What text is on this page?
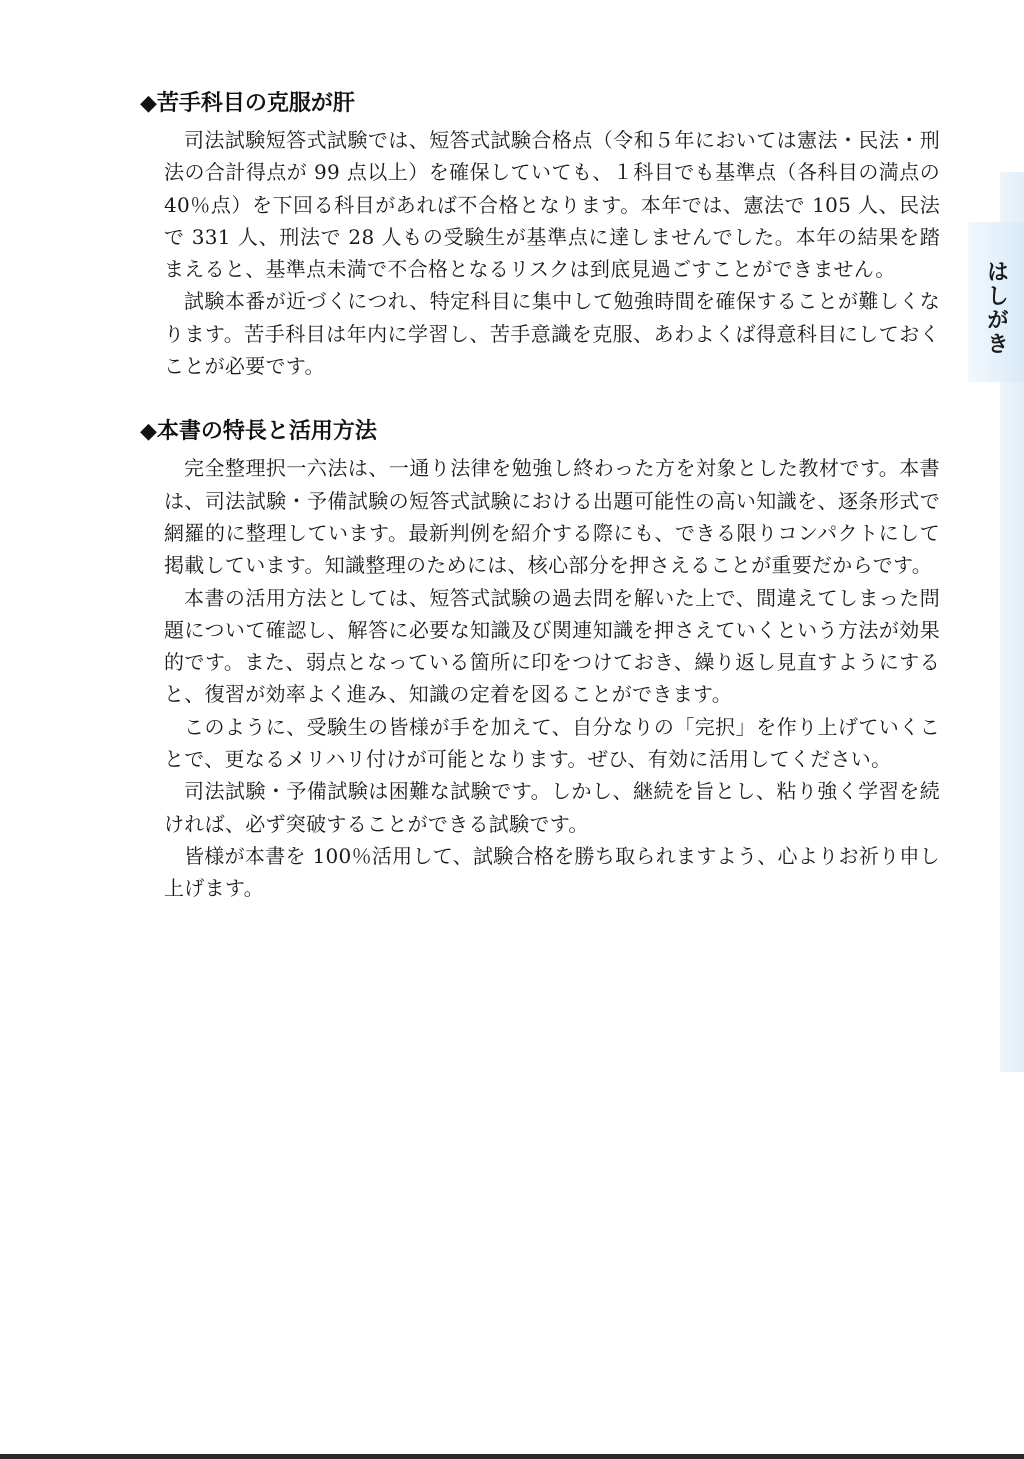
はしがき
◆苦手科目の克服が肝

司法試験短答式試験では、短答式試験合格点（令和５年においては憲法・民法・刑法の合計得点が 99 点以上）を確保していても、１科目でも基準点（各科目の満点の 40％点）を下回る科目があれば不合格となります。本年では、憲法で 105 人、民法で 331 人、刑法で 28 人もの受験生が基準点に達しませんでした。本年の結果を踏まえると、基準点未満で不合格となるリスクは到底見過ごすことができません。

試験本番が近づくにつれ、特定科目に集中して勉強時間を確保することが難しくなります。苦手科目は年内に学習し、苦手意識を克服、あわよくば得意科目にしておくことが必要です。

◆本書の特長と活用方法

完全整理択一六法は、一通り法律を勉強し終わった方を対象とした教材です。本書は、司法試験・予備試験の短答式試験における出題可能性の高い知識を、逐条形式で網羅的に整理しています。最新判例を紹介する際にも、できる限りコンパクトにして掲載しています。知識整理のためには、核心部分を押さえることが重要だからです。

本書の活用方法としては、短答式試験の過去問を解いた上で、間違えてしまった問題について確認し、解答に必要な知識及び関連知識を押さえていくという方法が効果的です。また、弱点となっている箇所に印をつけておき、繰り返し見直すようにすると、復習が効率よく進み、知識の定着を図ることができます。

このように、受験生の皆様が手を加えて、自分なりの「完択」を作り上げていくことで、更なるメリハリ付けが可能となります。ぜひ、有効に活用してください。

司法試験・予備試験は困難な試験です。しかし、継続を旨とし、粘り強く学習を続ければ、必ず突破することができる試験です。

皆様が本書を 100％活用して、試験合格を勝ち取られますよう、心よりお祈り申し上げます。
